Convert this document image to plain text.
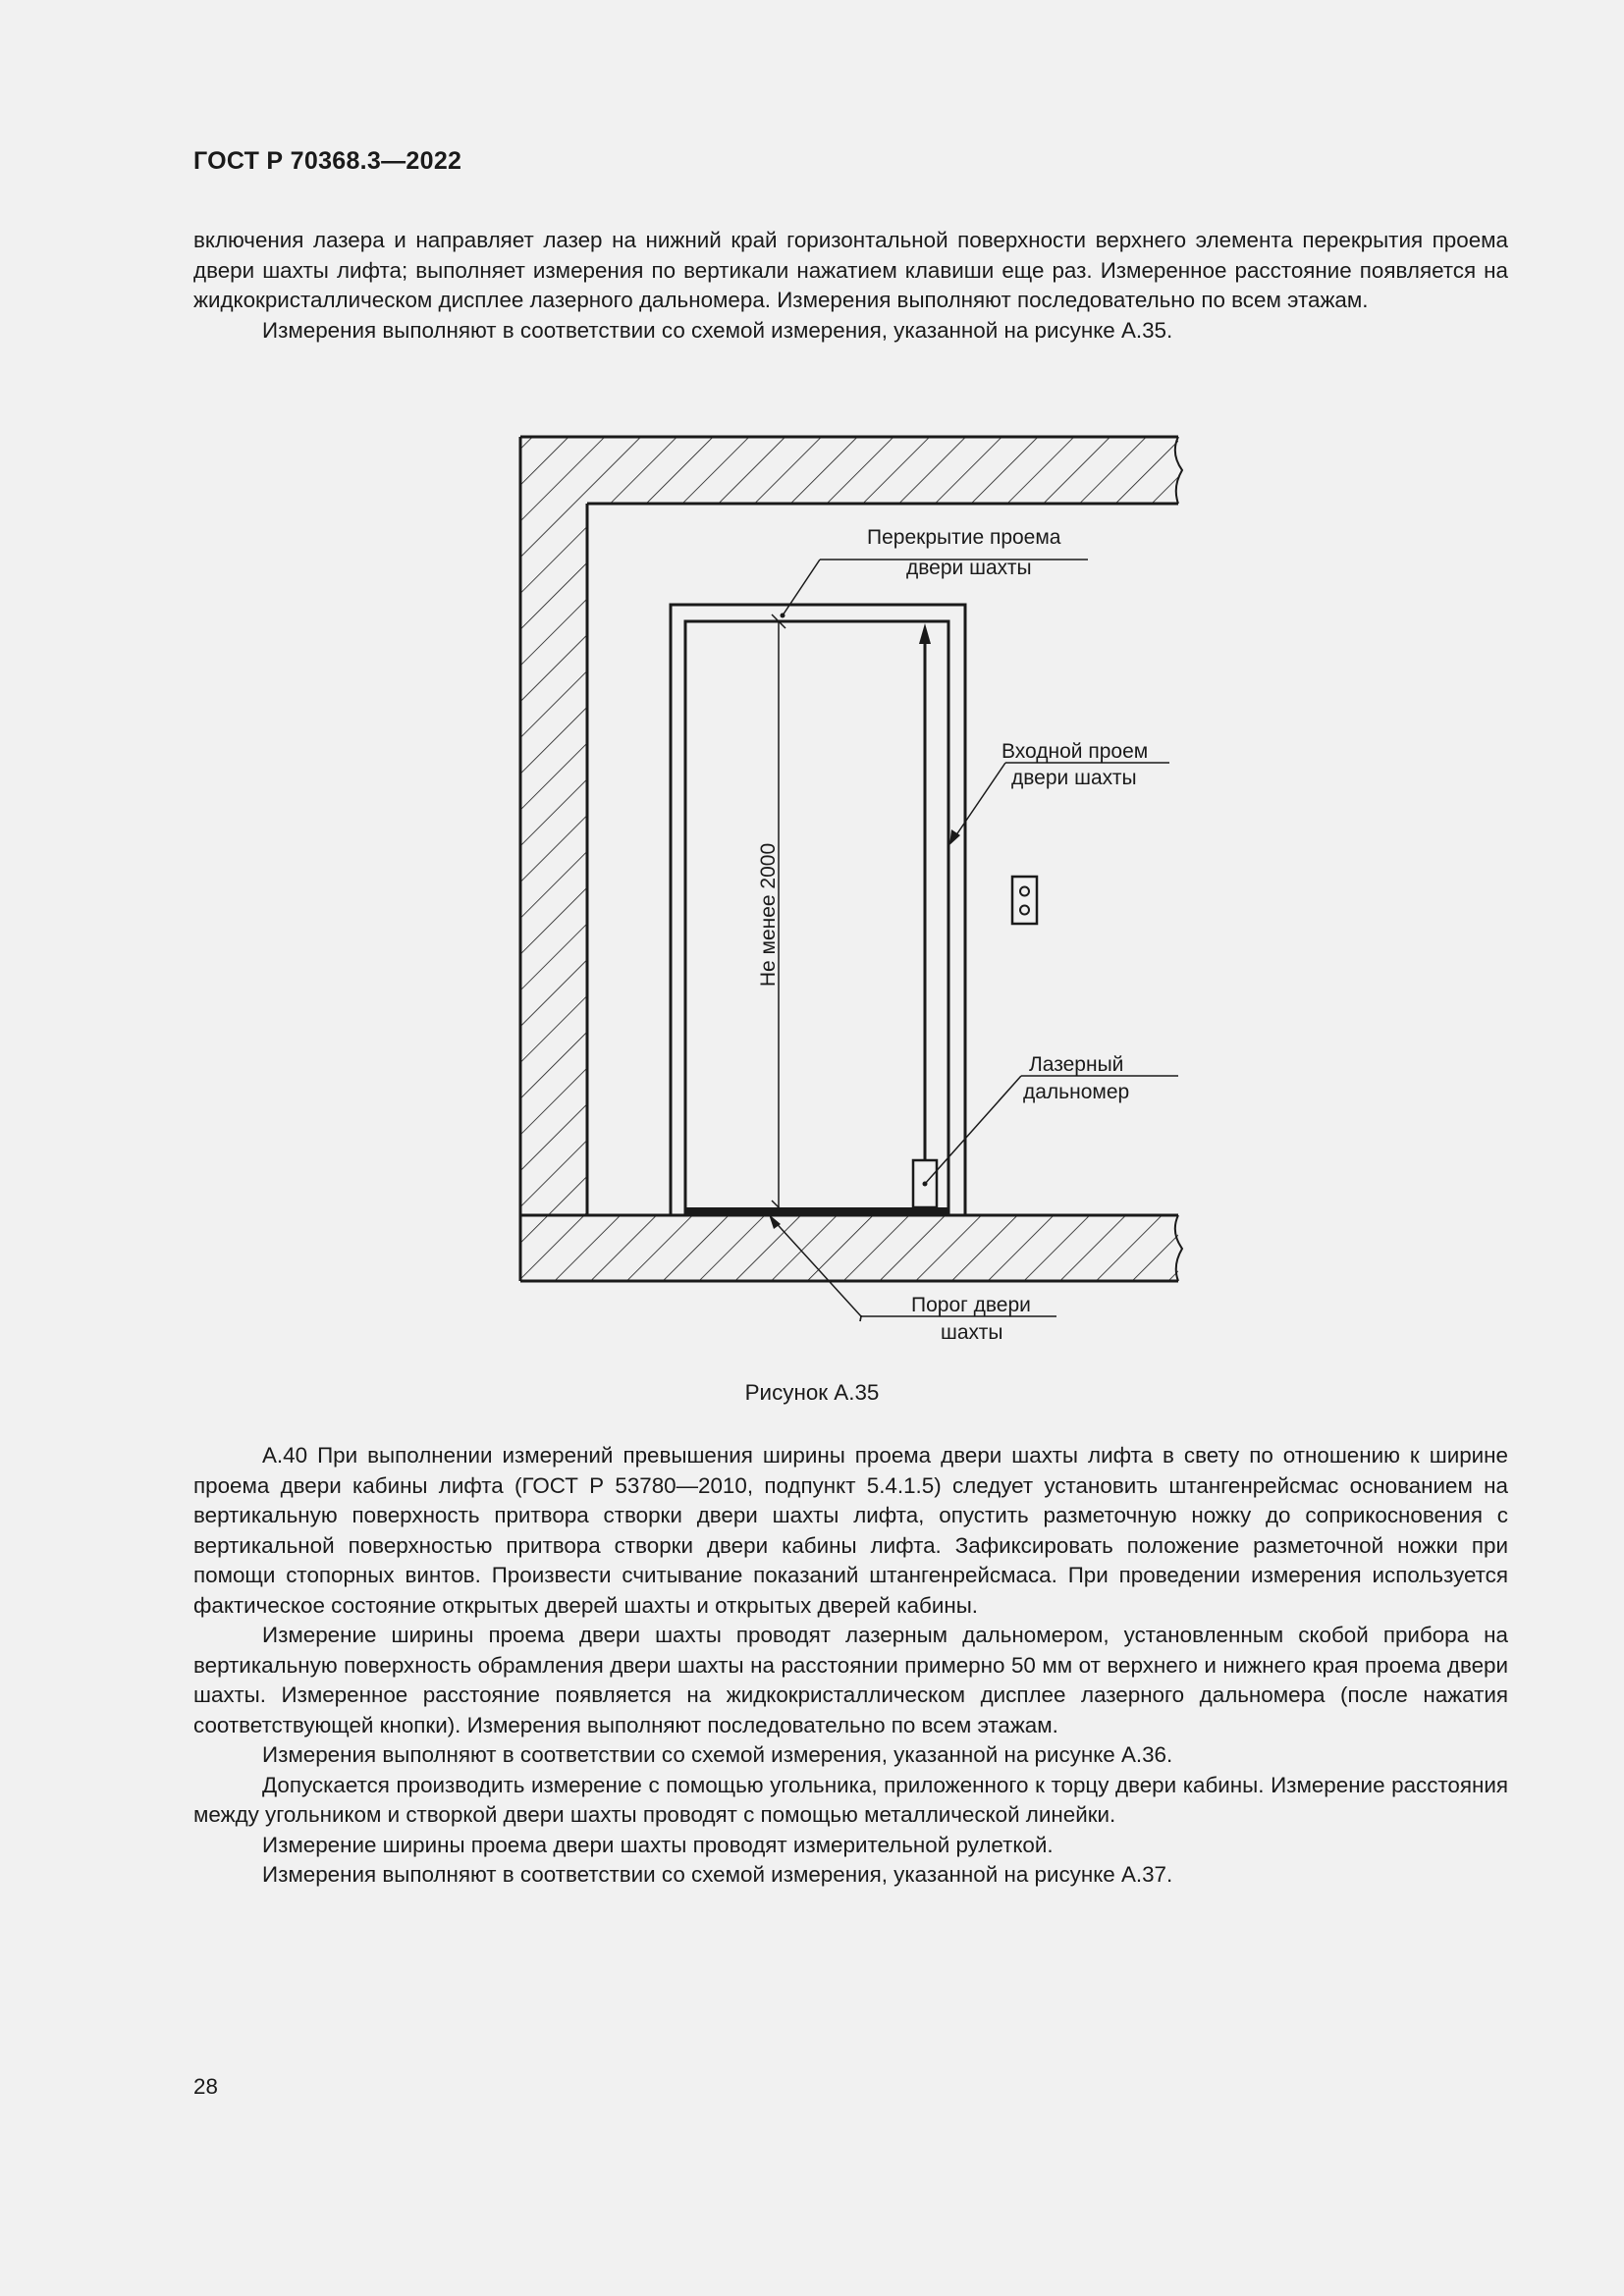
ГОСТ Р 70368.3—2022

включения лазера и направляет лазер на нижний край горизонтальной поверхности верхнего элемента перекрытия проема двери шахты лифта; выполняет измерения по вертикали нажатием клавиши еще раз. Измеренное расстояние появляется на жидкокристаллическом дисплее лазерного дальномера. Измерения выполняют последовательно по всем этажам.

Измерения выполняют в соответствии со схемой измерения, указанной на рисунке А.35.

Не менее 2000
Перекрытие проема
двери шахты
Входной проем
двери шахты
Лазерный
дальномер
Порог двери
шахты
Рисунок А.35

А.40 При выполнении измерений превышения ширины проема двери шахты лифта в свету по отношению к ширине проема двери кабины лифта (ГОСТ Р 53780—2010, подпункт 5.4.1.5) следует установить штангенрейсмас основанием на вертикальную поверхность притвора створки двери шахты лифта, опустить разметочную ножку до соприкосновения с вертикальной поверхностью притвора створки двери кабины лифта. Зафиксировать положение разметочной ножки при помощи стопорных винтов. Произвести считывание показаний штангенрейсмаса. При проведении измерения используется фактическое состояние открытых дверей шахты и открытых дверей кабины.

Измерение ширины проема двери шахты проводят лазерным дальномером, установленным скобой прибора на вертикальную поверхность обрамления двери шахты на расстоянии примерно 50 мм от верхнего и нижнего края проема двери шахты. Измеренное расстояние появляется на жидкокристаллическом дисплее лазерного дальномера (после нажатия соответствующей кнопки). Измерения выполняют последовательно по всем этажам.

Измерения выполняют в соответствии со схемой измерения, указанной на рисунке А.36.

Допускается производить измерение с помощью угольника, приложенного к торцу двери кабины. Измерение расстояния между угольником и створкой двери шахты проводят с помощью металлической линейки.

Измерение ширины проема двери шахты проводят измерительной рулеткой.

Измерения выполняют в соответствии со схемой измерения, указанной на рисунке А.37.

28
